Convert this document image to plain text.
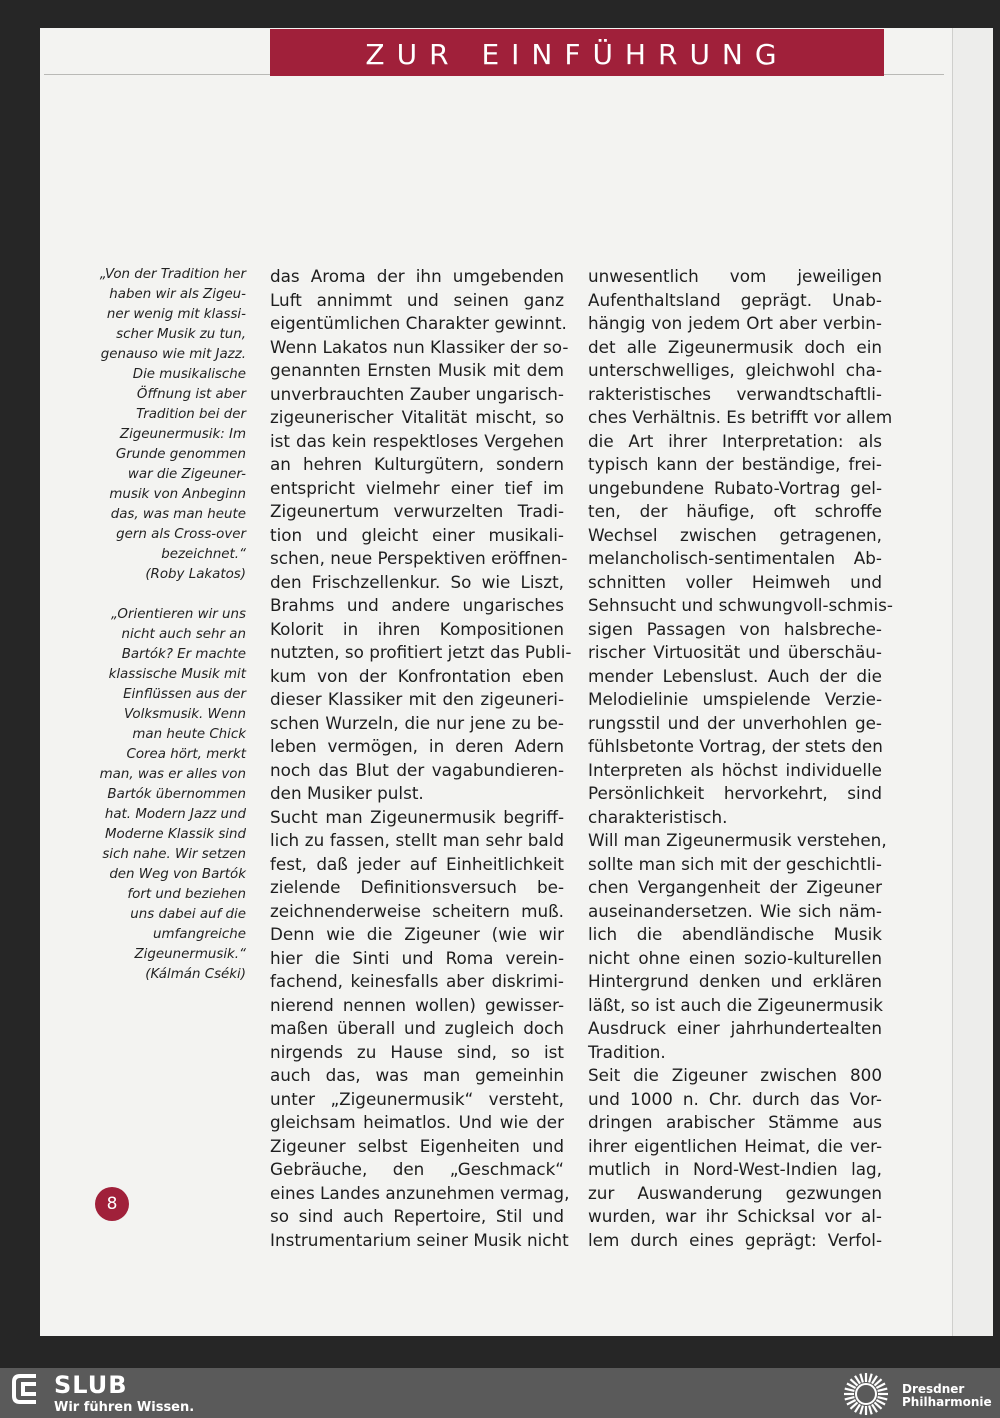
ZUR EINFÜHRUNG
„Von der Tradition her
haben wir als Zigeu-
ner wenig mit klassi-
scher Musik zu tun,
genauso wie mit Jazz.
Die musikalische
Öffnung ist aber
Tradition bei der
Zigeunermusik: Im
Grunde genommen
war die Zigeuner-
musik von Anbeginn
das, was man heute
gern als Cross-over
bezeichnet.“
(Roby Lakatos)
„Orientieren wir uns
nicht auch sehr an
Bartók? Er machte
klassische Musik mit
Einflüssen aus der
Volksmusik. Wenn
man heute Chick
Corea hört, merkt
man, was er alles von
Bartók übernommen
hat. Modern Jazz und
Moderne Klassik sind
sich nahe. Wir setzen
den Weg von Bartók
fort und beziehen
uns dabei auf die
umfangreiche
Zigeunermusik.“
(Kálmán Cséki)
das Aroma der ihn umgebenden
Luft annimmt und seinen ganz
eigentümlichen Charakter gewinnt.
Wenn Lakatos nun Klassiker der so-
genannten Ernsten Musik mit dem
unverbrauchten Zauber ungarisch-
zigeunerischer Vitalität mischt, so
ist das kein respektloses Vergehen
an hehren Kulturgütern, sondern
entspricht vielmehr einer tief im
Zigeunertum verwurzelten Tradi-
tion und gleicht einer musikali-
schen, neue Perspektiven eröffnen-
den Frischzellenkur. So wie Liszt,
Brahms und andere ungarisches
Kolorit in ihren Kompositionen
nutzten, so profitiert jetzt das Publi-
kum von der Konfrontation eben
dieser Klassiker mit den zigeuneri-
schen Wurzeln, die nur jene zu be-
leben vermögen, in deren Adern
noch das Blut der vagabundieren-
den Musiker pulst.
Sucht man Zigeunermusik begriff-
lich zu fassen, stellt man sehr bald
fest, daß jeder auf Einheitlichkeit
zielende Definitionsversuch be-
zeichnenderweise scheitern muß.
Denn wie die Zigeuner (wie wir
hier die Sinti und Roma verein-
fachend, keinesfalls aber diskrimi-
nierend nennen wollen) gewisser-
maßen überall und zugleich doch
nirgends zu Hause sind, so ist
auch das, was man gemeinhin
unter „Zigeunermusik“ versteht,
gleichsam heimatlos. Und wie der
Zigeuner selbst Eigenheiten und
Gebräuche, den „Geschmack“
eines Landes anzunehmen vermag,
so sind auch Repertoire, Stil und
Instrumentarium seiner Musik nicht
unwesentlich vom jeweiligen
Aufenthaltsland geprägt. Unab-
hängig von jedem Ort aber verbin-
det alle Zigeunermusik doch ein
unterschwelliges, gleichwohl cha-
rakteristisches verwandtschaftli-
ches Verhältnis. Es betrifft vor allem
die Art ihrer Interpretation: als
typisch kann der beständige, frei-
ungebundene Rubato-Vortrag gel-
ten, der häufige, oft schroffe
Wechsel zwischen getragenen,
melancholisch-sentimentalen Ab-
schnitten voller Heimweh und
Sehnsucht und schwungvoll-schmis-
sigen Passagen von halsbreche-
rischer Virtuosität und überschäu-
mender Lebenslust. Auch der die
Melodielinie umspielende Verzie-
rungsstil und der unverhohlen ge-
fühlsbetonte Vortrag, der stets den
Interpreten als höchst individuelle
Persönlichkeit hervorkehrt, sind
charakteristisch.
Will man Zigeunermusik verstehen,
sollte man sich mit der geschichtli-
chen Vergangenheit der Zigeuner
auseinandersetzen. Wie sich näm-
lich die abendländische Musik
nicht ohne einen sozio-kulturellen
Hintergrund denken und erklären
läßt, so ist auch die Zigeunermusik
Ausdruck einer jahrhundertealten
Tradition.
Seit die Zigeuner zwischen 800
und 1000 n. Chr. durch das Vor-
dringen arabischer Stämme aus
ihrer eigentlichen Heimat, die ver-
mutlich in Nord-West-Indien lag,
zur Auswanderung gezwungen
wurden, war ihr Schicksal vor al-
lem durch eines geprägt: Verfol-
8
SLUB
Wir führen Wissen.
Dresdner
Philharmonie
